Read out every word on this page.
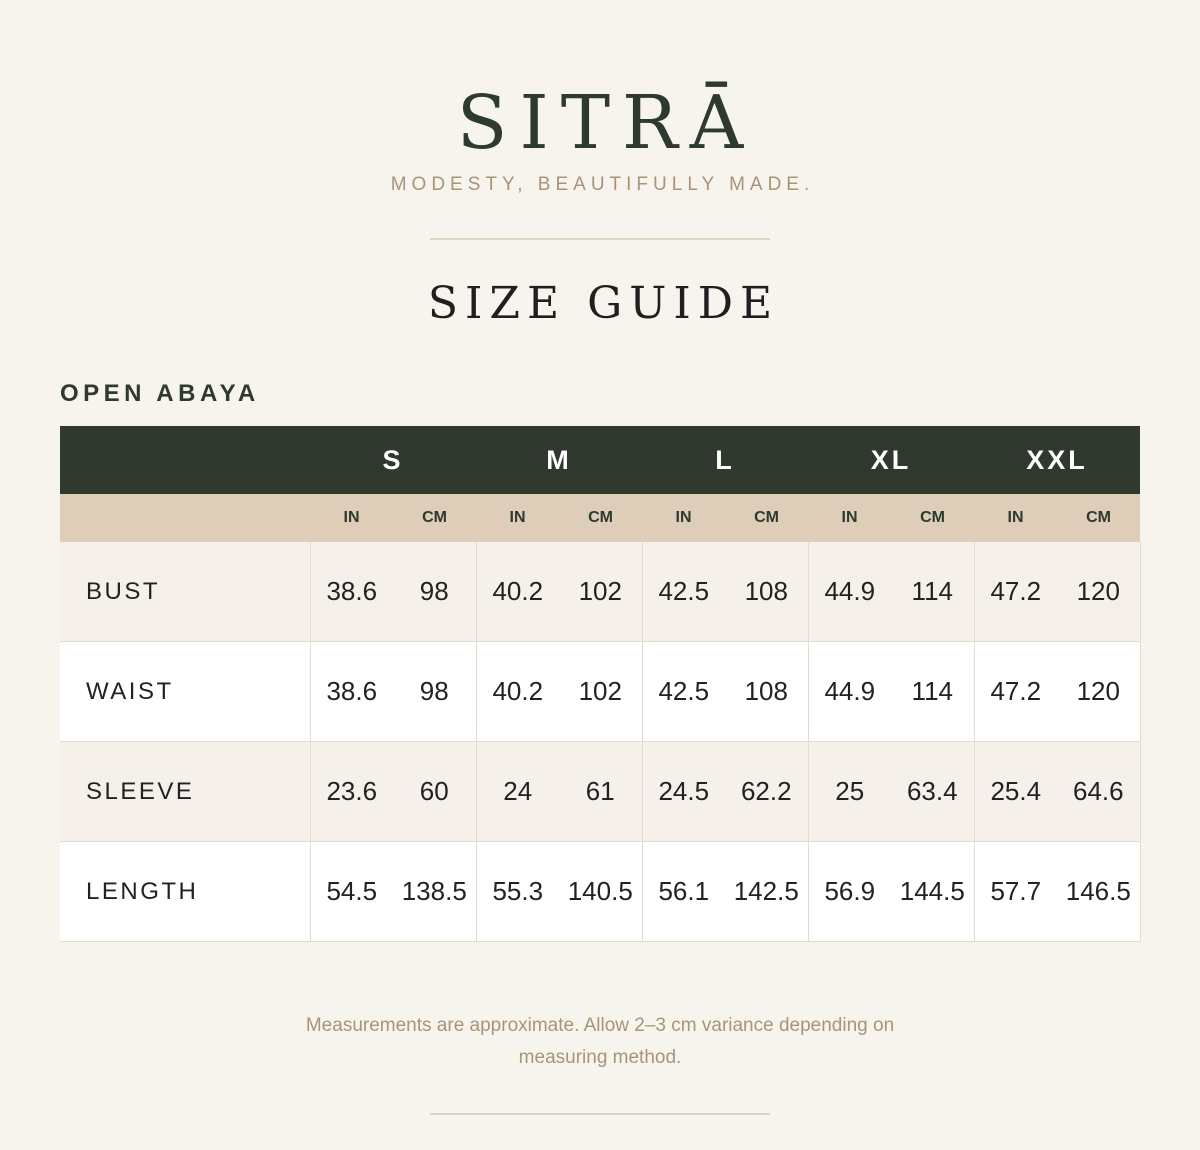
SITRĀ
MODESTY, BEAUTIFULLY MADE.
SIZE GUIDE
OPEN ABAYA
	S		M		L		XL		XXL	
	IN	CM	IN	CM	IN	CM	IN	CM	IN	CM
BUST	38.6	98	40.2	102	42.5	108	44.9	114	47.2	120
WAIST	38.6	98	40.2	102	42.5	108	44.9	114	47.2	120
SLEEVE	23.6	60	24	61	24.5	62.2	25	63.4	25.4	64.6
LENGTH	54.5	138.5	55.3	140.5	56.1	142.5	56.9	144.5	57.7	146.5
Measurements are approximate. Allow 2–3 cm variance depending on measuring method.
